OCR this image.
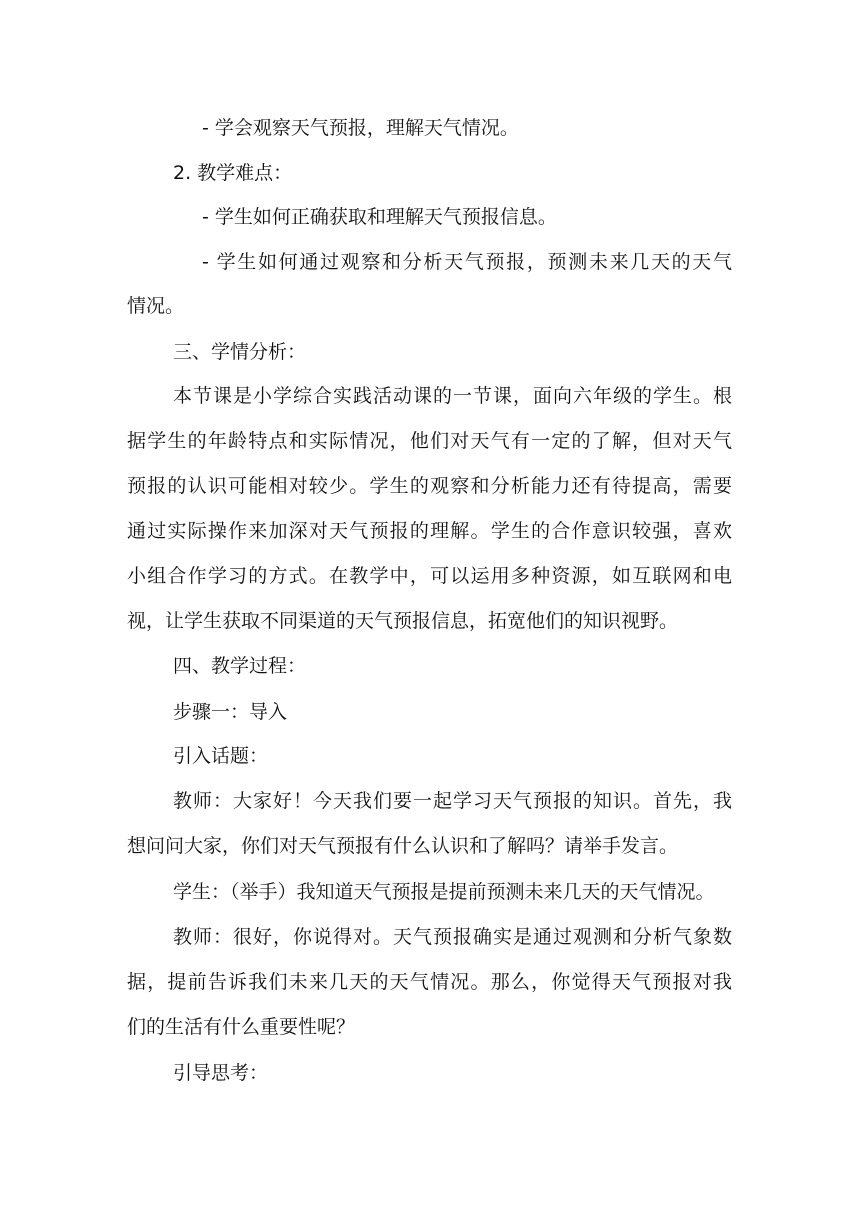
- 学会观察天气预报，理解天气情况。

2. 教学难点：

- 学生如何正确获取和理解天气预报信息。

- 学生如何通过观察和分析天气预报，预测未来几天的天气

情况。

三、学情分析：

本节课是小学综合实践活动课的一节课，面向六年级的学生。根

据学生的年龄特点和实际情况，他们对天气有一定的了解，但对天气

预报的认识可能相对较少。学生的观察和分析能力还有待提高，需要

通过实际操作来加深对天气预报的理解。学生的合作意识较强，喜欢

小组合作学习的方式。在教学中，可以运用多种资源，如互联网和电

视，让学生获取不同渠道的天气预报信息，拓宽他们的知识视野。

四、教学过程：

步骤一：导入

引入话题：

教师：大家好！今天我们要一起学习天气预报的知识。首先，我

想问问大家，你们对天气预报有什么认识和了解吗？请举手发言。

学生：（举手）我知道天气预报是提前预测未来几天的天气情况。

教师：很好，你说得对。天气预报确实是通过观测和分析气象数

据，提前告诉我们未来几天的天气情况。那么，你觉得天气预报对我

们的生活有什么重要性呢？

引导思考：
